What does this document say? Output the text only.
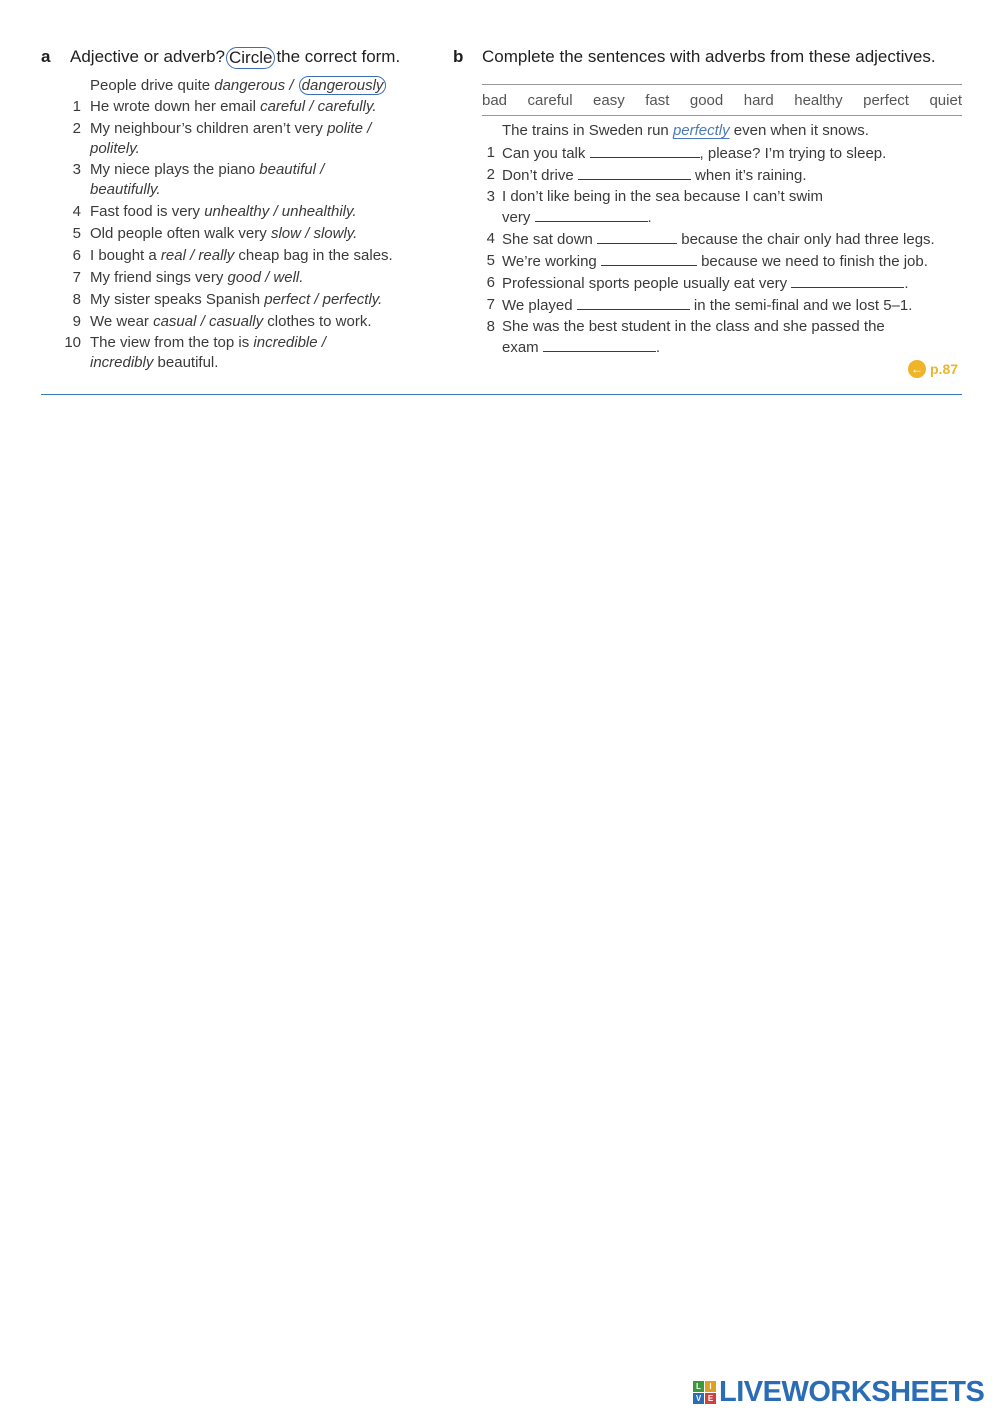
a	Adjective or adverb? Circle the correct form.
People drive quite dangerous / dangerously
1 He wrote down her email careful / carefully.
2 My neighbour’s children aren’t very polite /
politely.
3 My niece plays the piano beautiful /
beautifully.
4 Fast food is very unhealthy / unhealthily.
5 Old people often walk very slow / slowly.
6 I bought a real / really cheap bag in the sales.
7 My friend sings very good / well.
8 My sister speaks Spanish perfect / perfectly.
9 We wear casual / casually clothes to work.
10 The view from the top is incredible /
incredibly beautiful.
b	Complete the sentences with adverbs from these adjectives.
bad careful easy fast good hard healthy perfect quiet
The trains in Sweden run perfectly even when it snows.
1 Can you talk	, please? I’m trying to sleep.
2 Don’t drive	when it’s raining.
3 I don’t like being in the sea because I can’t swim
very	.
4 She sat down	because the chair only had three legs.
5 We’re working	because we need to finish the job.
6 Professional sports people usually eat very	.
7 We played	in the semi-final and we lost 5–1.
8 She was the best student in the class and she passed the
exam	.
← p.87
L	I
V E LIVEWORKSHEETS
